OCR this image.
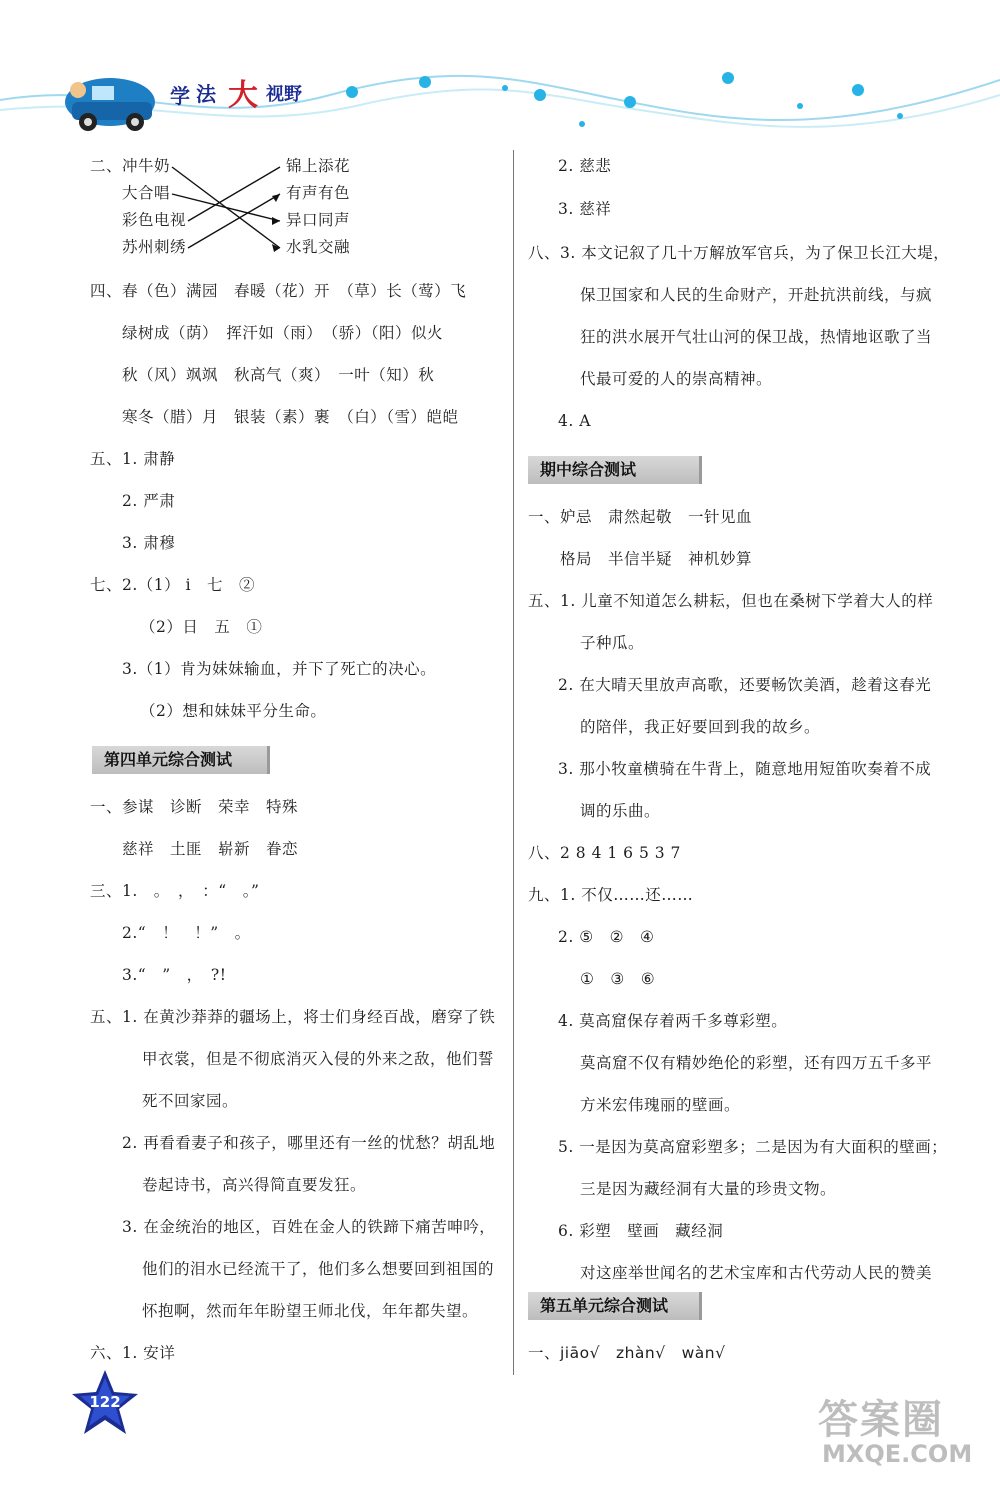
学 法 大 视野
二、 冲牛奶
大合唱
彩色电视
苏州刺绣
锦上添花
有声有色
异口同声
水乳交融
四、春（色）满园　春暖（花）开　（草）长（莺）飞
绿树成（荫）　挥汗如（雨）　（骄）（阳）似火
秋（风）飒飒　秋高气（爽）　一叶（知）秋
寒冬（腊）月　银装（素）裹　（白）（雪）皑皑
五、1. 肃静
2. 严肃
3. 肃穆
七、2.（1） i　七　②
（2）日　五　①
3.（1）肯为妹妹输血，并下了死亡的决心。
（2）想和妹妹平分生命。
第四单元综合测试
一、参谋　诊断　荣幸　特殊
慈祥　土匪　崭新　眷恋
三、1.　。　，　：“　。”
2.“　！　！”　。
3.“　”　，　?!
五、1. 在黄沙莽莽的疆场上，将士们身经百战，磨穿了铁
甲衣裳，但是不彻底消灭入侵的外来之敌，他们誓
死不回家园。
2. 再看看妻子和孩子，哪里还有一丝的忧愁？胡乱地
卷起诗书，高兴得简直要发狂。
3. 在金统治的地区，百姓在金人的铁蹄下痛苦呻吟，
他们的泪水已经流干了，他们多么想要回到祖国的
怀抱啊，然而年年盼望王师北伐，年年都失望。
六、1. 安详
2. 慈悲
3. 慈祥
八、3. 本文记叙了几十万解放军官兵，为了保卫长江大堤，
保卫国家和人民的生命财产，开赴抗洪前线，与疯
狂的洪水展开气壮山河的保卫战，热情地讴歌了当
代最可爱的人的崇高精神。
4. A
期中综合测试
一、妒忌　肃然起敬　一针见血
格局　半信半疑　神机妙算
五、1. 儿童不知道怎么耕耘，但也在桑树下学着大人的样
子种瓜。
2. 在大晴天里放声高歌，还要畅饮美酒，趁着这春光
的陪伴，我正好要回到我的故乡。
3. 那小牧童横骑在牛背上，随意地用短笛吹奏着不成
调的乐曲。
八、2 8 4 1 6 5 3 7
九、1. 不仅……还……
2. ⑤　②　④
①　③　⑥
4. 莫高窟保存着两千多尊彩塑。
莫高窟不仅有精妙绝伦的彩塑，还有四万五千多平
方米宏伟瑰丽的壁画。
5. 一是因为莫高窟彩塑多；二是因为有大面积的壁画；
三是因为藏经洞有大量的珍贵文物。
6. 彩塑　壁画　藏经洞
对这座举世闻名的艺术宝库和古代劳动人民的赞美
第五单元综合测试
一、jiāo√　zhàn√　wàn√
122	答案圈
MXQE.COM
